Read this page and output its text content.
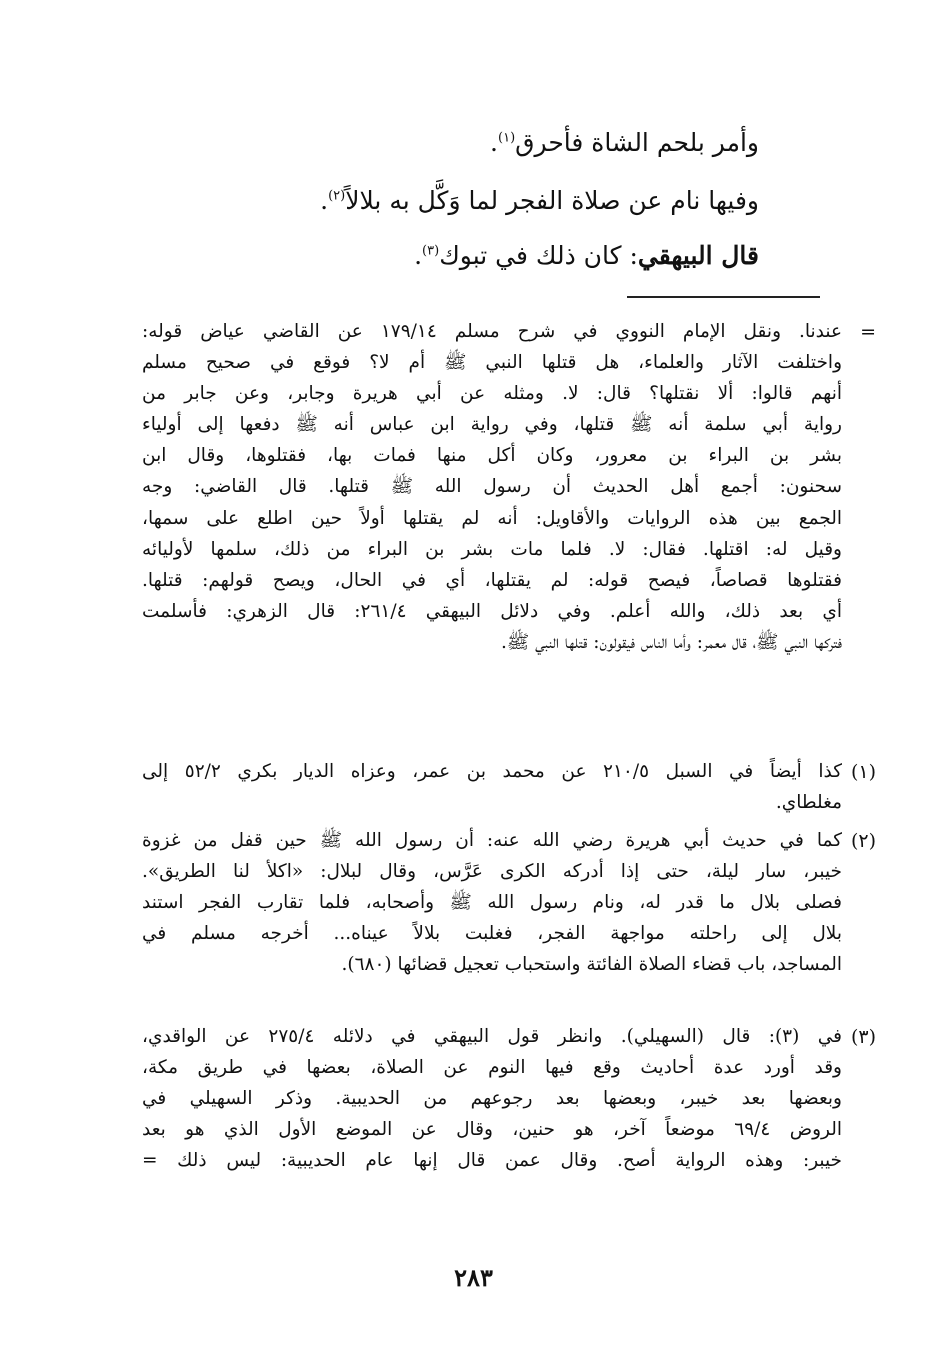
وأمر بلحم الشاة فأحرق$^{(١)}$.
وفيها نام عن صلاة الفجر لما وَكَّل به بلالاً$^{(٢)}$.
قال البيهقي: كان ذلك في تبوك$^{(٣)}$.
=
عندنا. ونقل الإمام النووي في شرح مسلم ١٧٩/١٤ عن القاضي عياض قوله:
واختلفت الآثار والعلماء، هل قتلها النبي ﷺ أم لا؟ فوقع في صحيح مسلم
أنهم قالوا: ألا نقتلها؟ قال: لا. ومثله عن أبي هريرة وجابر، وعن جابر من
رواية أبي سلمة أنه ﷺ قتلها، وفي رواية ابن عباس أنه ﷺ دفعها إلى أولياء
بشر بن البراء بن معرور، وكان أكل منها فمات بها، فقتلوها، وقال ابن
سحنون: أجمع أهل الحديث أن رسول الله ﷺ قتلها. قال القاضي: وجه
الجمع بين هذه الروايات والأقاويل: أنه لم يقتلها أولاً حين اطلع على سمها،
وقيل له: اقتلها. فقال: لا. فلما مات بشر بن البراء من ذلك، سلمها لأوليائه
فقتلوها قصاصاً، فيصح قوله: لم يقتلها، أي في الحال، ويصح قولهم: قتلها.
أي بعد ذلك، والله أعلم. وفي دلائل البيهقي ٢٦١/٤: قال الزهري: فأسلمت
فتركها النبي ﷺ، قال معمر: وأما الناس فيقولون: قتلها النبي ﷺ.
(١)
كذا أيضاً في السبل ٢١٠/٥ عن محمد بن عمر، وعزاه الديار بكري ٥٢/٢ إلى
مغلطاي.
(٢)
كما في حديث أبي هريرة رضي الله عنه: أن رسول الله ﷺ حين قفل من غزوة
خيبر، سار ليلة، حتى إذا أدركه الكرى عَرَّس، وقال لبلال: «اكلأ لنا الطريق».
فصلى بلال ما قدر له، ونام رسول الله ﷺ وأصحابه، فلما تقارب الفجر استند
بلال إلى راحلته مواجهة الفجر، فغلبت بلالاً عيناه... أخرجه مسلم في
المساجد، باب قضاء الصلاة الفائتة واستحباب تعجيل قضائها (٦٨٠).
(٣)
في (٣): قال (السهيلي). وانظر قول البيهقي في دلائله ٢٧٥/٤ عن الواقدي،
وقد أورد عدة أحاديث وقع فيها النوم عن الصلاة، بعضها في طريق مكة،
وبعضها بعد خيبر، وبعضها بعد رجوعهم من الحديبية. وذكر السهيلي في
الروض ٦٩/٤ موضعاً آخر، هو حنين، وقال عن الموضع الأول الذي هو بعد
خيبر: وهذه الرواية أصح. وقال عمن قال إنها عام الحديبية: ليس ذلك =
٢٨٣
